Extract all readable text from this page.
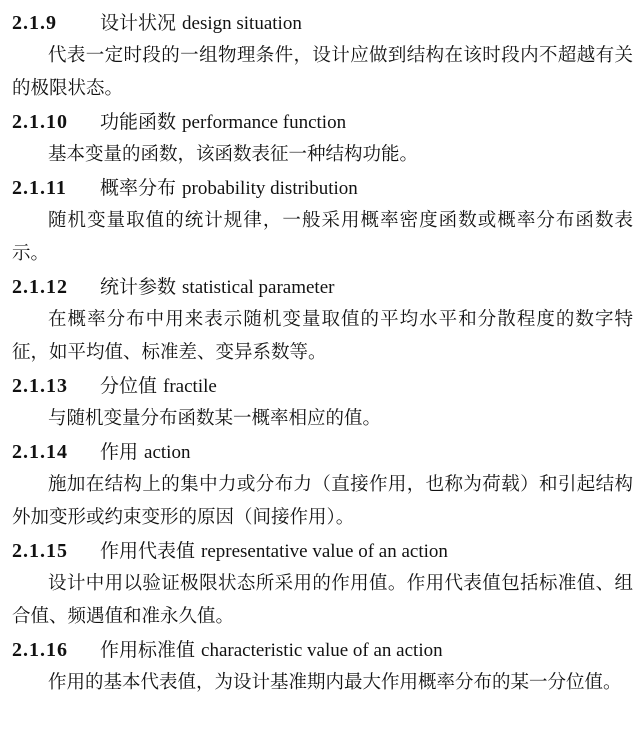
2.1.9 设计状况 design situation

代表一定时段的一组物理条件，设计应做到结构在该时段内不超越有关的极限状态。

2.1.10 功能函数 performance function

基本变量的函数，该函数表征一种结构功能。

2.1.11 概率分布 probability distribution

随机变量取值的统计规律，一般采用概率密度函数或概率分布函数表示。

2.1.12 统计参数 statistical parameter

在概率分布中用来表示随机变量取值的平均水平和分散程度的数字特征，如平均值、标准差、变异系数等。

2.1.13 分位值 fractile

与随机变量分布函数某一概率相应的值。

2.1.14 作用 action

施加在结构上的集中力或分布力（直接作用，也称为荷载）和引起结构外加变形或约束变形的原因（间接作用）。

2.1.15 作用代表值 representative value of an action

设计中用以验证极限状态所采用的作用值。作用代表值包括标准值、组合值、频遇值和准永久值。

2.1.16 作用标准值 characteristic value of an action

作用的基本代表值，为设计基准期内最大作用概率分布的某一分位值。
